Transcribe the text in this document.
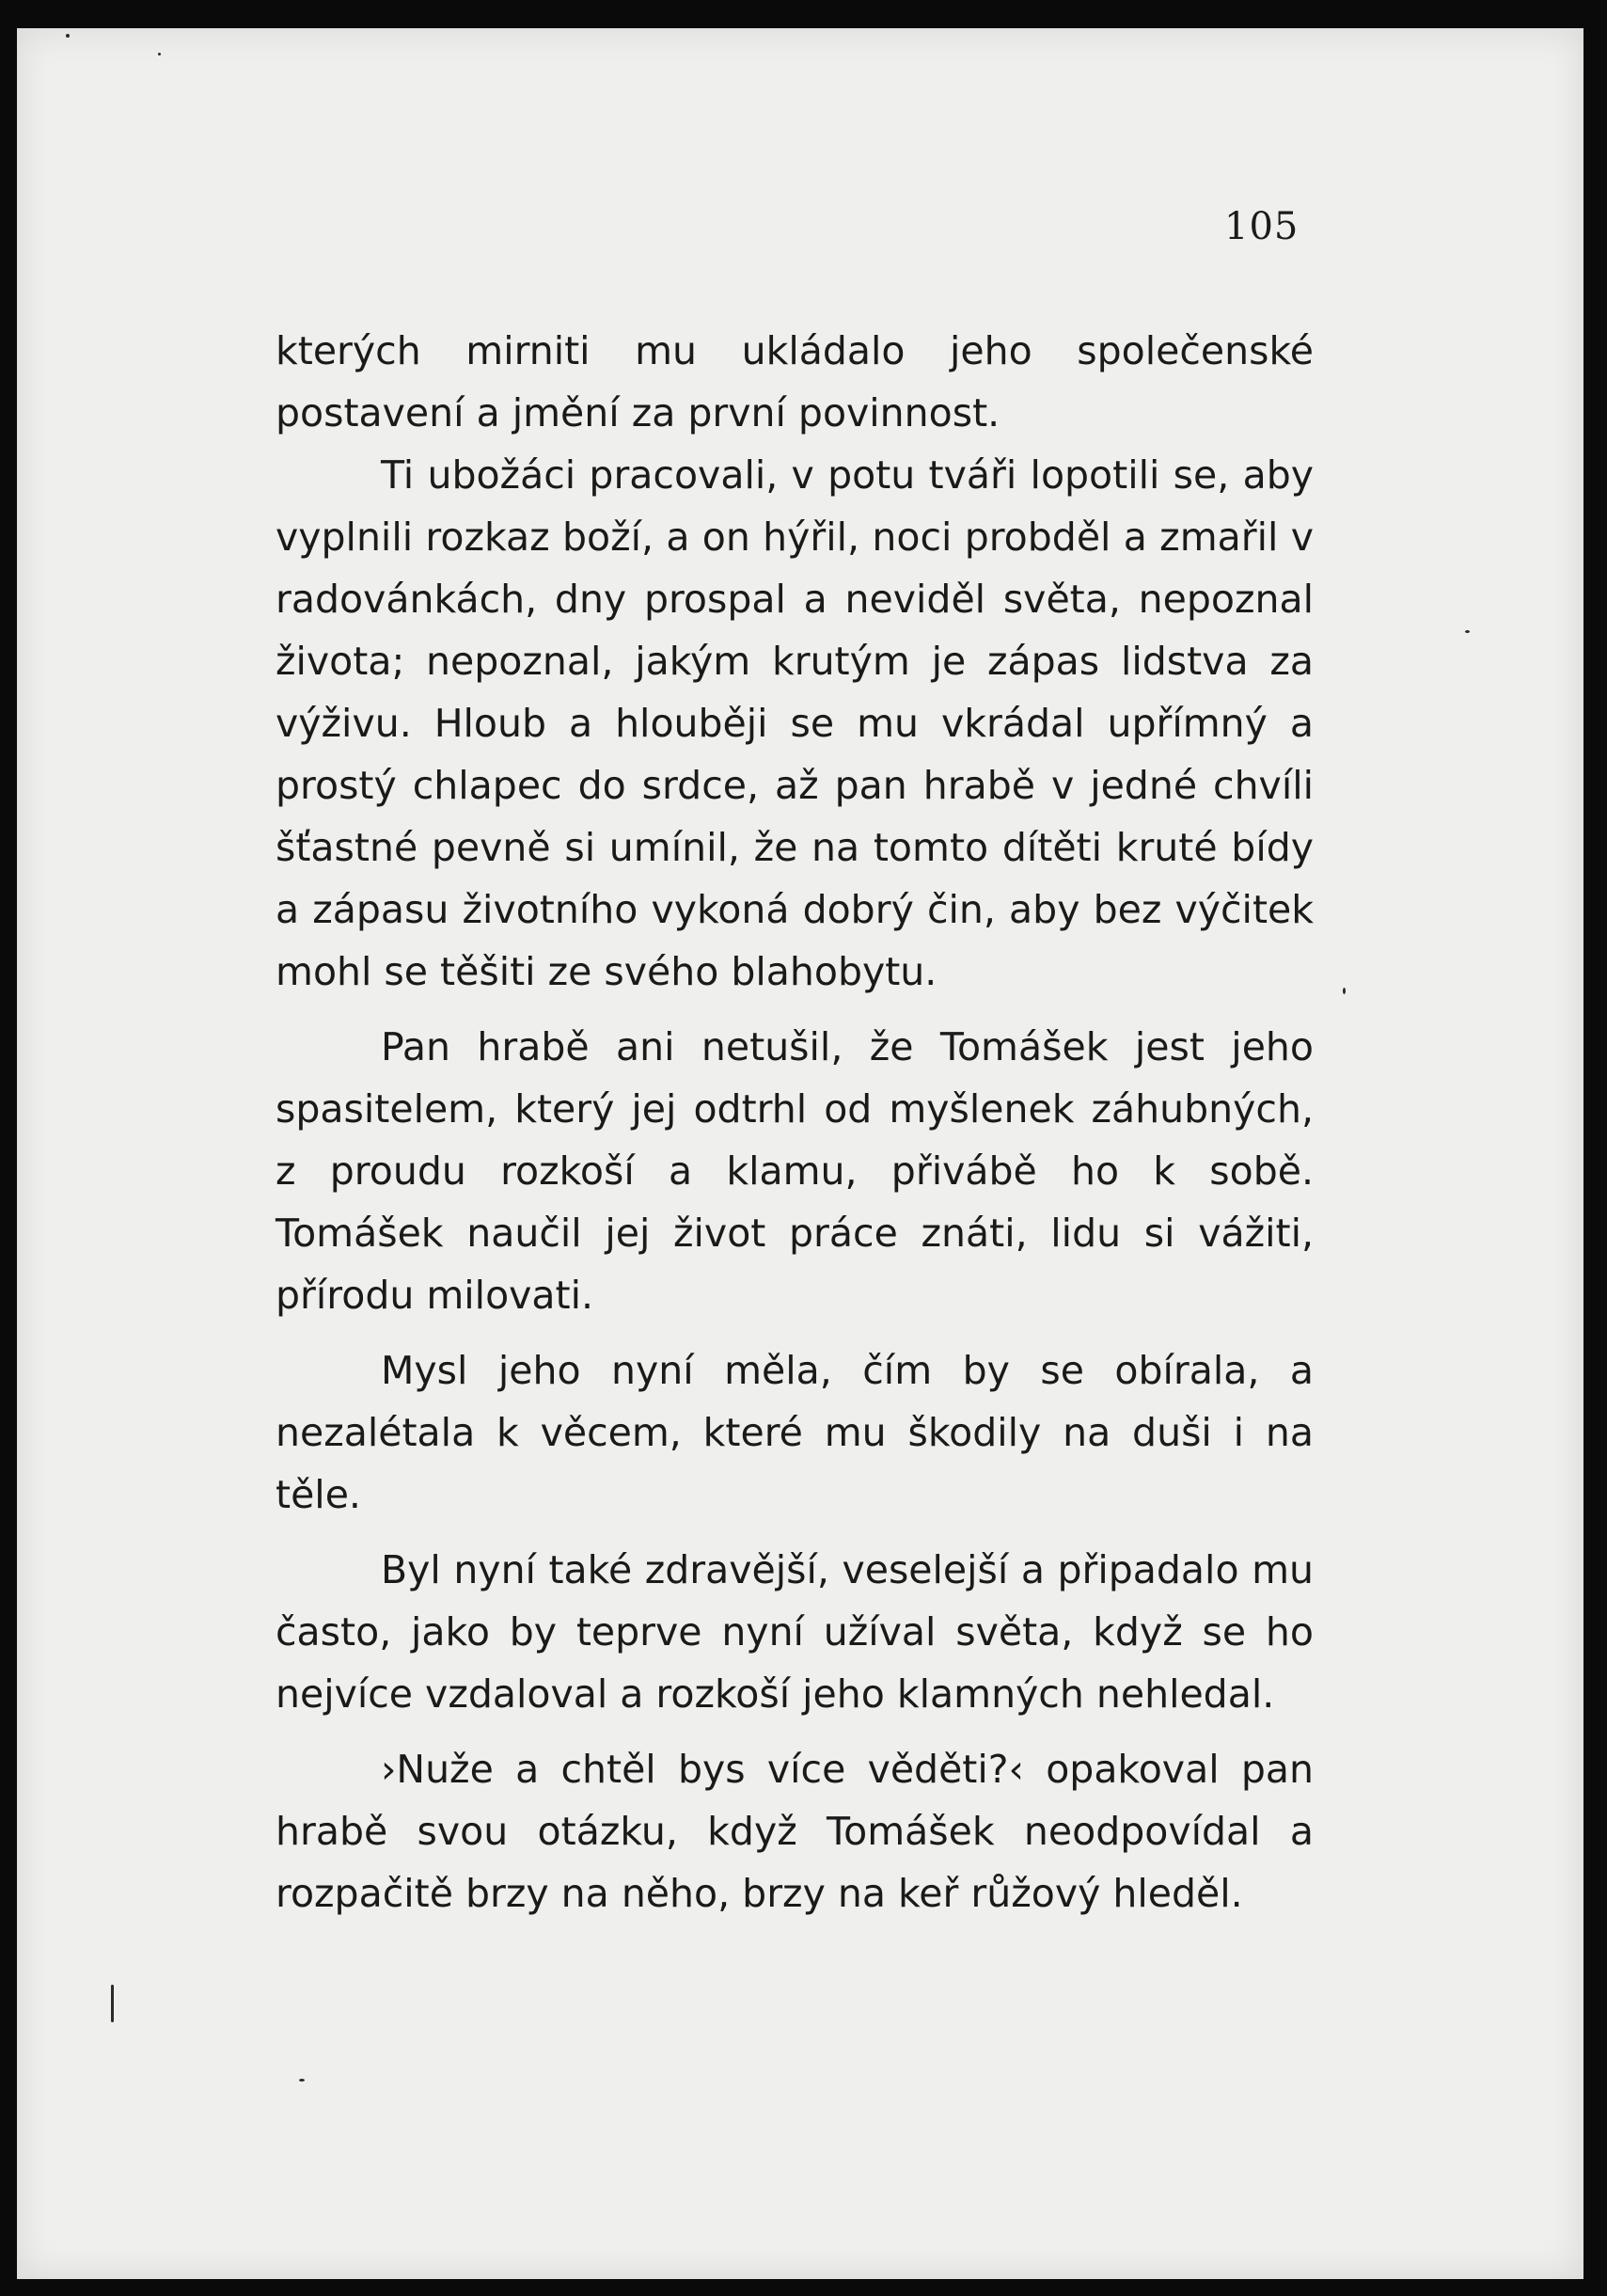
105

kterých mirniti mu ukládalo jeho společenské postavení a jmění za první povinnost.

Ti ubožáci pracovali, v potu tváři lopotili se, aby vyplnili rozkaz boží, a on hýřil, noci probděl a zmařil v radovánkách, dny prospal a neviděl světa, nepoznal života; nepoznal, jakým krutým je zápas lidstva za výživu. Hloub a hlouběji se mu vkrádal upřímný a prostý chlapec do srdce, až pan hrabě v jedné chvíli šťastné pevně si umínil, že na tomto dítěti kruté bídy a zápasu životního vykoná dobrý čin, aby bez výčitek mohl se těšiti ze svého blahobytu.

Pan hrabě ani netušil, že Tomášek jest jeho spasitelem, který jej odtrhl od myšlenek záhubných, z proudu rozkoší a klamu, přivábě ho k sobě. Tomášek naučil jej život práce znáti, lidu si vážiti, přírodu milovati.

Mysl jeho nyní měla, čím by se obírala, a nezalétala k věcem, které mu škodily na duši i na těle.

Byl nyní také zdravější, veselejší a připadalo mu často, jako by teprve nyní užíval světa, když se ho nejvíce vzdaloval a rozkoší jeho klamných nehledal.

›Nuže a chtěl bys více věděti?‹ opakoval pan hrabě svou otázku, když Tomášek neodpovídal a rozpačitě brzy na něho, brzy na keř růžový hleděl.
